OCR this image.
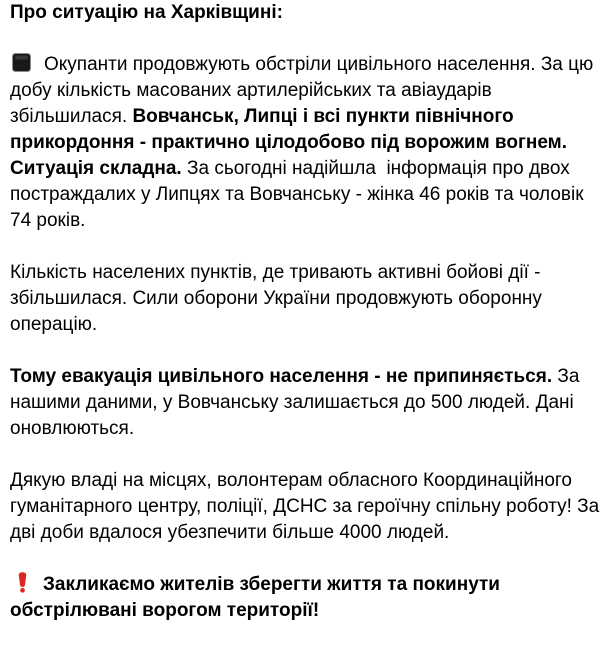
Про ситуацію на Харківщині:

Окупанти продовжують обстріли цивільного населення. За цю добу кількість масованих артилерійських та авіаударів збільшилася. Вовчанськ, Липці і всі пункти північного прикордоння - практично цілодобово під ворожим вогнем. Ситуація складна. За сьогодні надійшла  інформація про двох постраждалих у Липцях та Вовчанську - жінка 46 років та чоловік 74 років.

Кількість населених пунктів, де тривають активні бойові дії - збільшилася. Сили оборони України продовжують оборонну операцію.

Тому евакуація цивільного населення - не припиняється. За нашими даними, у Вовчанську залишається до 500 людей. Дані оновлюються.

Дякую владі на місцях, волонтерам обласного Координаційного гуманітарного центру, поліції, ДСНС за героїчну спільну роботу! За дві доби вдалося убезпечити більше 4000 людей.

Закликаємо жителів зберегти життя та покинути обстрілювані ворогом території!
